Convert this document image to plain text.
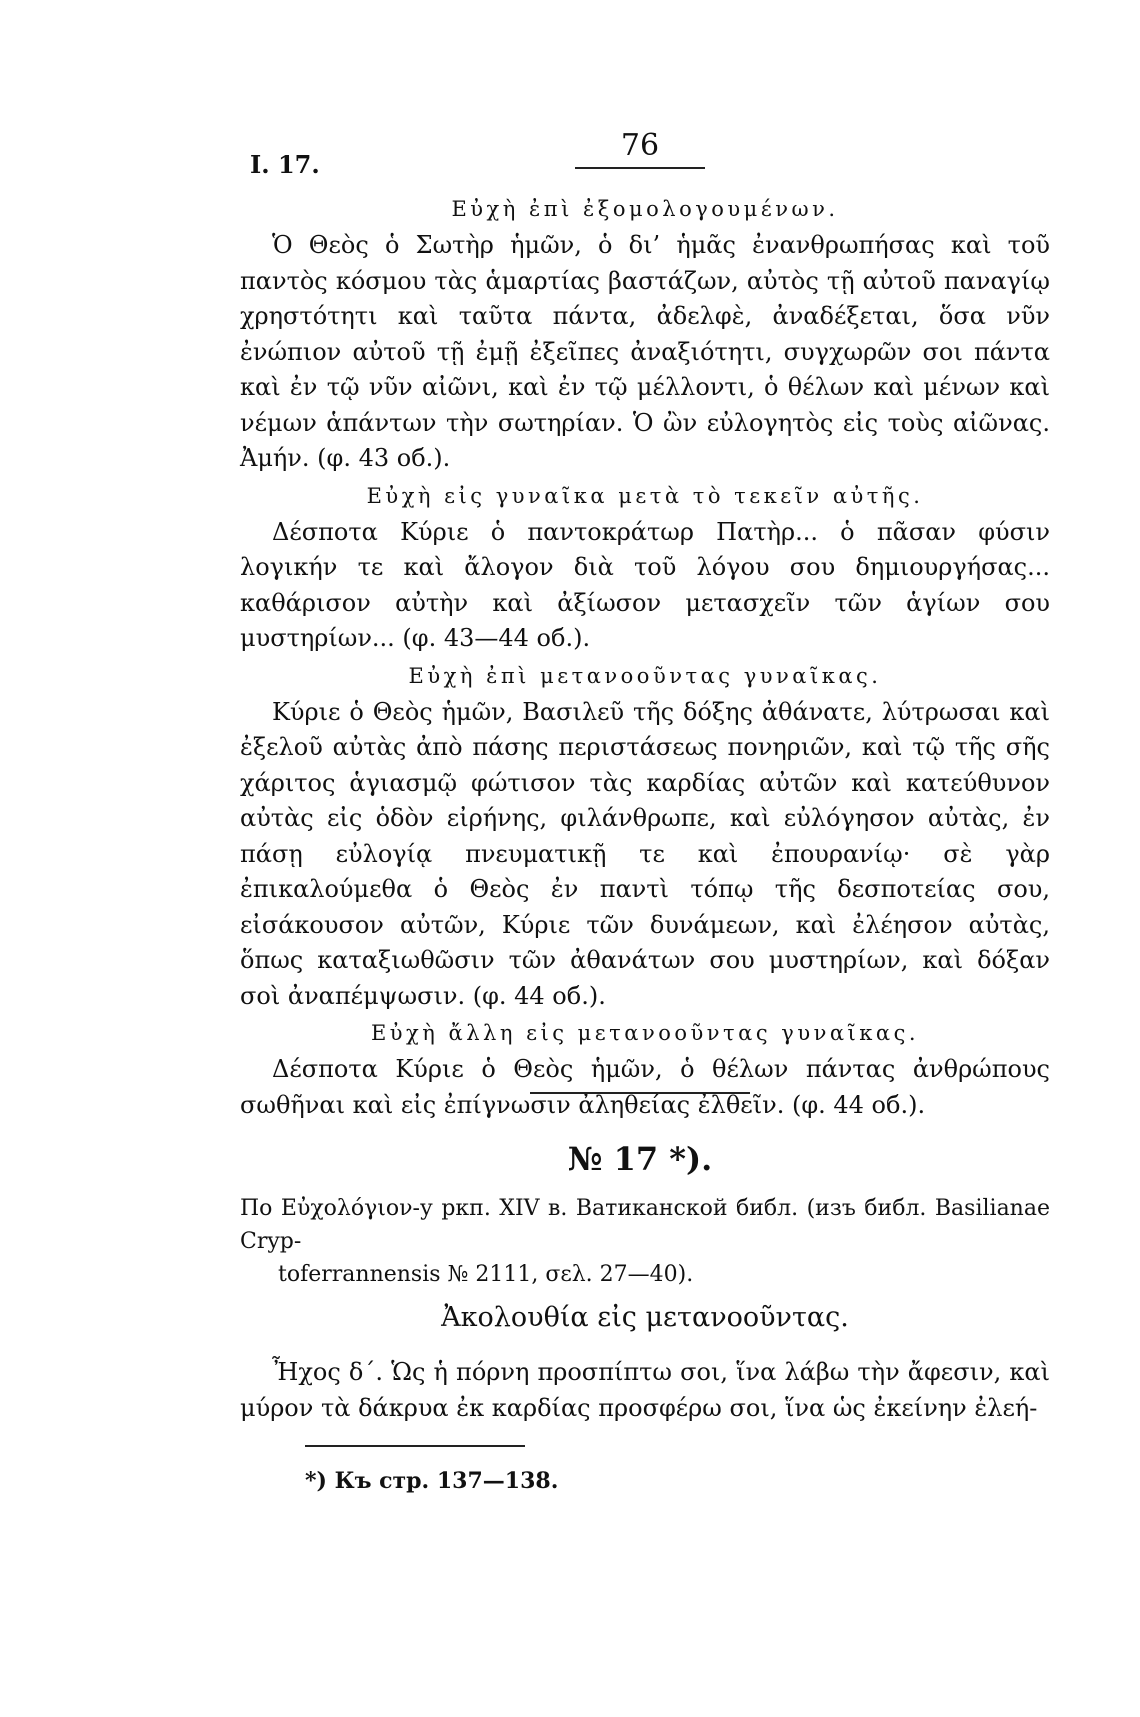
I. 17.
76

Εὐχὴ ἐπὶ ἐξομολογουμένων.

Ὁ Θεὸς ὁ Σωτὴρ ἡμῶν, ὁ δι’ ἡμᾶς ἐνανθρωπήσας καὶ τοῦ παντὸς κόσμου τὰς ἁμαρτίας βαστάζων, αὐτὸς τῇ αὐτοῦ παναγίῳ χρηστότητι καὶ ταῦτα πάντα, ἀδελφὲ, ἀναδέξεται, ὅσα νῦν ἐνώπιον αὐτοῦ τῇ ἐμῇ ἐξεῖπες ἀναξιότητι, συγχωρῶν σοι πάντα καὶ ἐν τῷ νῦν αἰῶνι, καὶ ἐν τῷ μέλλοντι, ὁ θέλων καὶ μένων καὶ νέμων ἁπάντων τὴν σωτηρίαν. Ὁ ὢν εὐλογητὸς εἰς τοὺς αἰῶνας. Ἀμήν. (φ. 43 οб.).

Εὐχὴ εἰς γυναῖκα μετὰ τὸ τεκεῖν αὐτῆς.

Δέσποτα Κύριε ὁ παντοκράτωρ Πατὴρ... ὁ πᾶσαν φύσιν λογικήν τε καὶ ἄλογον διὰ τοῦ λόγου σου δημιουργήσας... καθάρισον αὐτὴν καὶ ἀξίωσον μετασχεῖν τῶν ἁγίων σου μυστηρίων... (φ. 43—44 οб.).

Εὐχὴ ἐπὶ μετανοοῦντας γυναῖκας.

Κύριε ὁ Θεὸς ἡμῶν, Βασιλεῦ τῆς δόξης ἀθάνατε, λύτρωσαι καὶ ἐξελοῦ αὐτὰς ἀπὸ πάσης περιστάσεως πονηριῶν, καὶ τῷ τῆς σῆς χάριτος ἁγιασμῷ φώτισον τὰς καρδίας αὐτῶν καὶ κατεύθυνον αὐτὰς εἰς ὁδὸν εἰρήνης, φιλάνθρωπε, καὶ εὐλόγησον αὐτὰς, ἐν πάσῃ εὐλογίᾳ πνευματικῇ τε καὶ ἐπουρανίῳ· σὲ γὰρ ἐπικαλούμεθα ὁ Θεὸς ἐν παντὶ τόπῳ τῆς δεσποτείας σου, εἰσάκουσον αὐτῶν, Κύριε τῶν δυνάμεων, καὶ ἐλέησον αὐτὰς, ὅπως καταξιωθῶσιν τῶν ἀθανάτων σου μυστηρίων, καὶ δόξαν σοὶ ἀναπέμψωσιν. (φ. 44 οб.).

Εὐχὴ ἄλλη εἰς μετανοοῦντας γυναῖκας.

Δέσποτα Κύριε ὁ Θεὸς ἡμῶν, ὁ θέλων πάντας ἀνθρώπους σωθῆναι καὶ εἰς ἐπίγνωσιν ἀληθείας ἐλθεῖν. (φ. 44 οб.).

№ 17 *).

По Εὐχολόγιον-у ркп. XIV в. Ватиканской библ. (изъ библ. Basilianae Cryp-

toferrannensis № 2111, σελ. 27—40).

Ἀκολουθία εἰς μετανοοῦντας.

Ἦχος δ΄. Ὡς ἡ πόρνη προσπίπτω σοι, ἵνα λάβω τὴν ἄφεσιν, καὶ μύρον τὰ δάκρυα ἐκ καρδίας προσφέρω σοι, ἵνα ὡς ἐκείνην ἐλεή-

*) Къ стр. 137—138.
